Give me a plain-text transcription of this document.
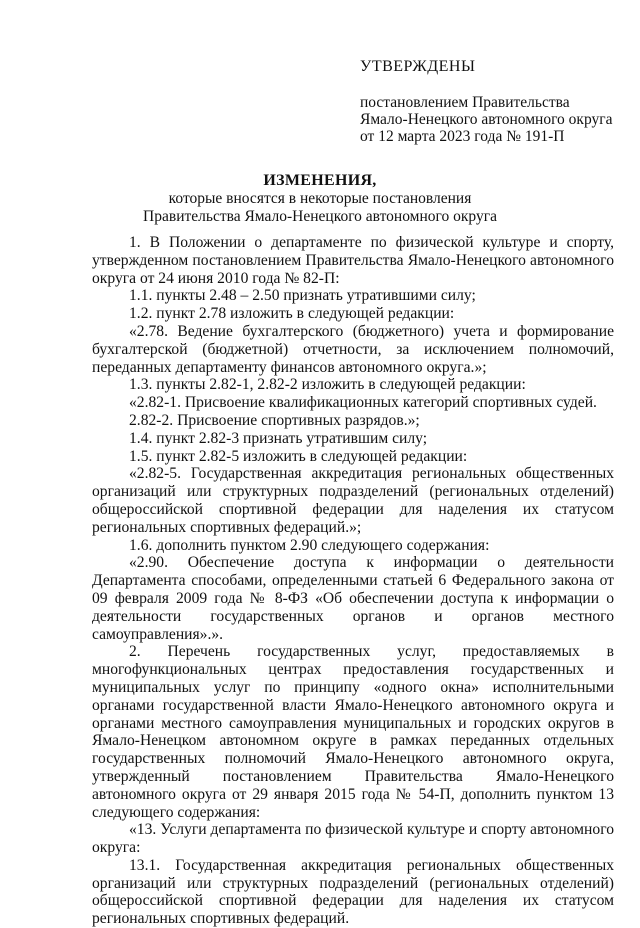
УТВЕРЖДЕНЫ
постановлением Правительства
Ямало-Ненецкого автономного округа
от 12 марта 2023 года № 191-П
ИЗМЕНЕНИЯ,
которые вносятся в некоторые постановления
Правительства Ямало-Ненецкого автономного округа

1. В Положении о департаменте по физической культуре и спорту, утвержденном постановлением Правительства Ямало-Ненецкого автономного округа от 24 июня 2010 года № 82-П:

1.1. пункты 2.48 – 2.50 признать утратившими силу;

1.2. пункт 2.78 изложить в следующей редакции:

«2.78. Ведение бухгалтерского (бюджетного) учета и формирование бухгалтерской (бюджетной) отчетности, за исключением полномочий, переданных департаменту финансов автономного округа.»;

1.3. пункты 2.82-1, 2.82-2 изложить в следующей редакции:

«2.82-1. Присвоение квалификационных категорий спортивных судей.

2.82-2. Присвоение спортивных разрядов.»;

1.4. пункт 2.82-3 признать утратившим силу;

1.5. пункт 2.82-5 изложить в следующей редакции:

«2.82-5. Государственная аккредитация региональных общественных организаций или структурных подразделений (региональных отделений) общероссийской спортивной федерации для наделения их статусом региональных спортивных федераций.»;

1.6. дополнить пунктом 2.90 следующего содержания:

«2.90. Обеспечение доступа к информации о деятельности Департамента способами, определенными статьей 6 Федерального закона от 09 февраля 2009 года № 8-ФЗ «Об обеспечении доступа к информации о деятельности государственных органов и органов местного самоуправления».».

2. Перечень государственных услуг, предоставляемых в многофункциональных центрах предоставления государственных и муниципальных услуг по принципу «одного окна» исполнительными органами государственной власти Ямало-Ненецкого автономного округа и органами местного самоуправления муниципальных и городских округов в Ямало-Ненецком автономном округе в рамках переданных отдельных государственных полномочий Ямало-Ненецкого автономного округа, утвержденный постановлением Правительства Ямало-Ненецкого автономного округа от 29 января 2015 года № 54-П, дополнить пунктом 13 следующего содержания:

«13. Услуги департамента по физической культуре и спорту автономного округа:

13.1. Государственная аккредитация региональных общественных организаций или структурных подразделений (региональных отделений) общероссийской спортивной федерации для наделения их статусом региональных спортивных федераций.
